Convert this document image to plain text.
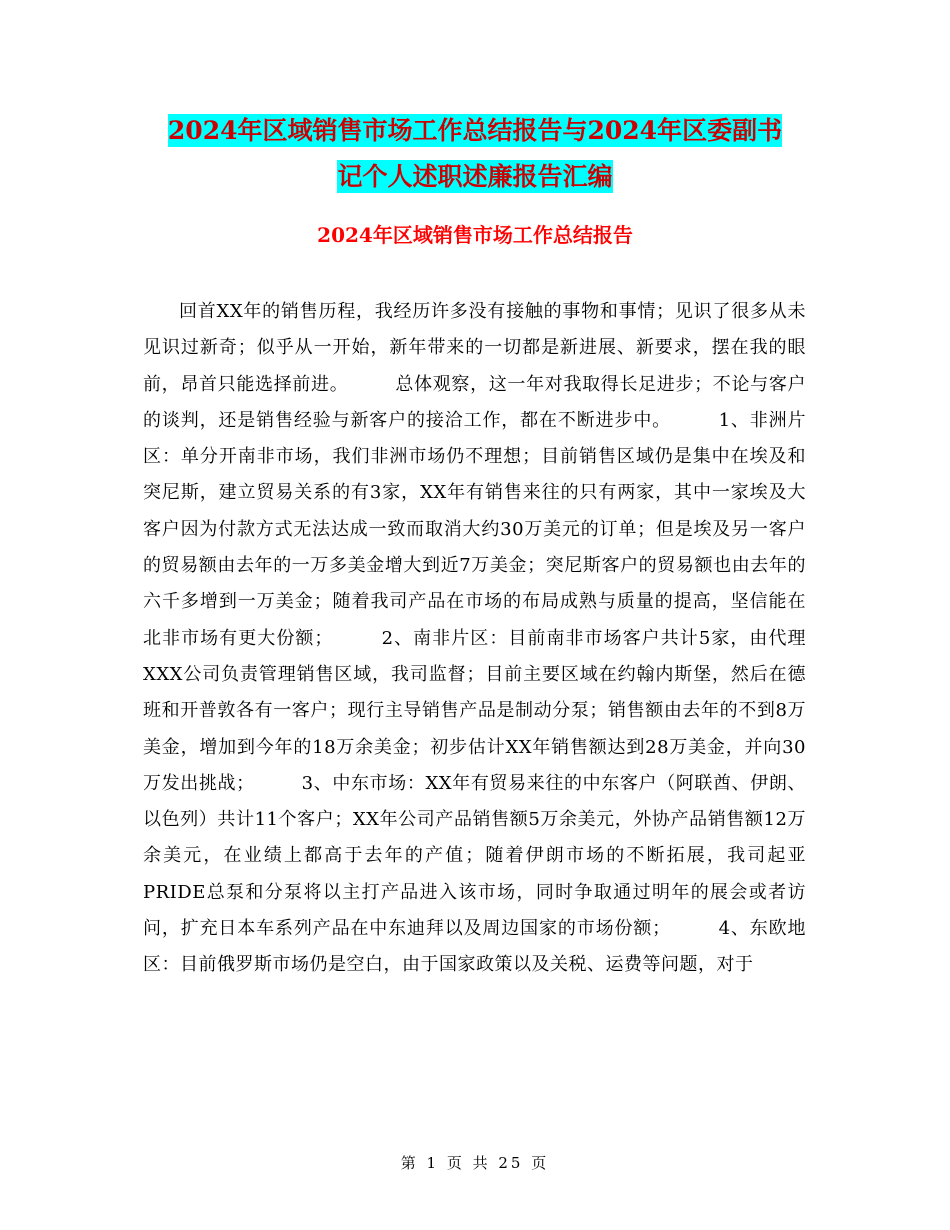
2024年区域销售市场工作总结报告与2024年区委副书
记个人述职述廉报告汇编
2024年区域销售市场工作总结报告

回首XX年的销售历程，我经历许多没有接触的事物和事情；见识了很多从未见识过新奇；似乎从一开始，新年带来的一切都是新进展、新要求，摆在我的眼前，昂首只能选择前进。　　　总体观察，这一年对我取得长足进步；不论与客户的谈判，还是销售经验与新客户的接洽工作，都在不断进步中。　　　1、非洲片区：单分开南非市场，我们非洲市场仍不理想；目前销售区域仍是集中在埃及和突尼斯，建立贸易关系的有3家，XX年有销售来往的只有两家，其中一家埃及大客户因为付款方式无法达成一致而取消大约30万美元的订单；但是埃及另一客户的贸易额由去年的一万多美金增大到近7万美金；突尼斯客户的贸易额也由去年的六千多增到一万美金；随着我司产品在市场的布局成熟与质量的提高，坚信能在北非市场有更大份额；　　　2、南非片区：目前南非市场客户共计5家，由代理XXX公司负责管理销售区域，我司监督；目前主要区域在约翰内斯堡，然后在德班和开普敦各有一客户；现行主导销售产品是制动分泵；销售额由去年的不到8万美金，增加到今年的18万余美金；初步估计XX年销售额达到28万美金，并向30万发出挑战；　　　3、中东市场：XX年有贸易来往的中东客户（阿联酋、伊朗、以色列）共计11个客户；XX年公司产品销售额5万余美元，外协产品销售额12万余美元，在业绩上都高于去年的产值；随着伊朗市场的不断拓展，我司起亚PRIDE总泵和分泵将以主打产品进入该市场，同时争取通过明年的展会或者访问，扩充日本车系列产品在中东迪拜以及周边国家的市场份额；　　　4、东欧地区：目前俄罗斯市场仍是空白，由于国家政策以及关税、运费等问题，对于

第 1 页 共 25 页
